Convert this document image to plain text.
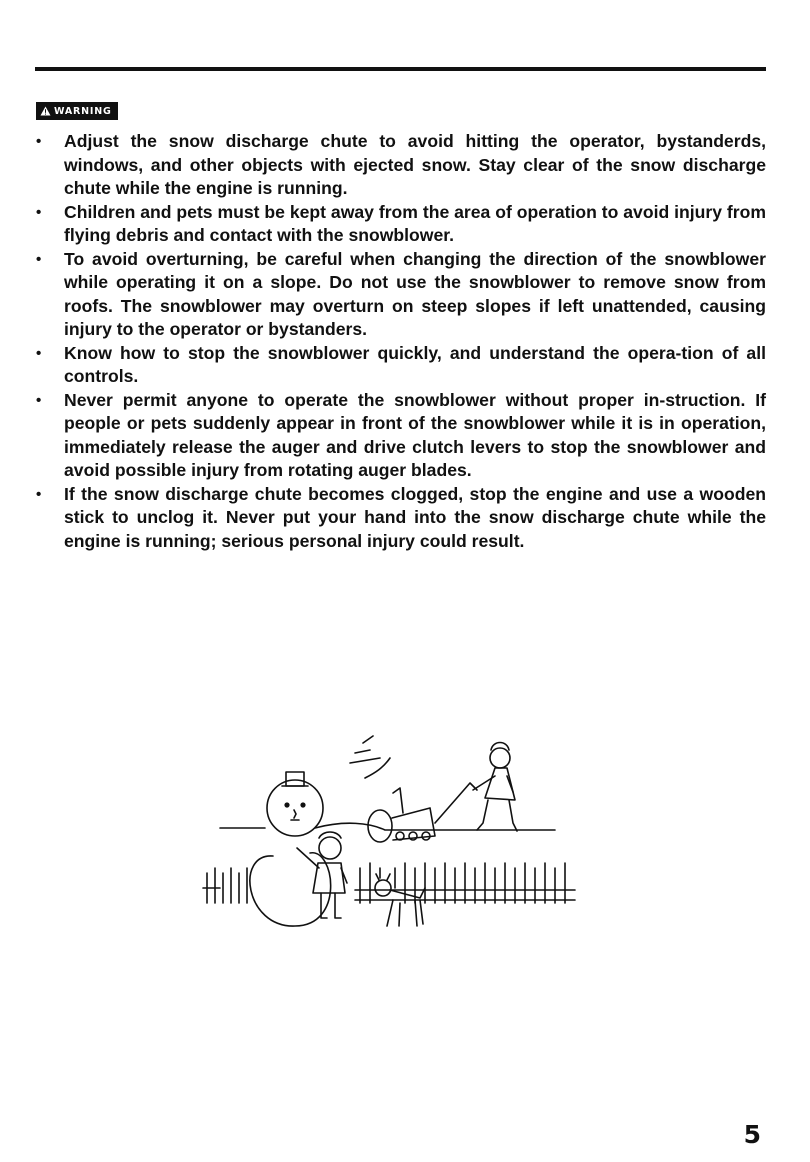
WARNING
• Adjust the snow discharge chute to avoid hitting the operator, bystanderds, windows, and other objects with ejected snow. Stay clear of the snow discharge chute while the engine is running.
• Children and pets must be kept away from the area of operation to avoid injury from flying debris and contact with the snowblower.
• To avoid overturning, be careful when changing the direction of the snowblower while operating it on a slope. Do not use the snowblower to remove snow from roofs. The snowblower may overturn on steep slopes if left unattended, causing injury to the operator or bystanders.
• Know how to stop the snowblower quickly, and understand the opera-tion of all controls.
• Never permit anyone to operate the snowblower without proper in-struction. If people or pets suddenly appear in front of the snowblower while it is in operation, immediately release the auger and drive clutch levers to stop the snowblower and avoid possible injury from rotating auger blades.
• If the snow discharge chute becomes clogged, stop the engine and use a wooden stick to unclog it. Never put your hand into the snow discharge chute while the engine is running; serious personal injury could result.
5
